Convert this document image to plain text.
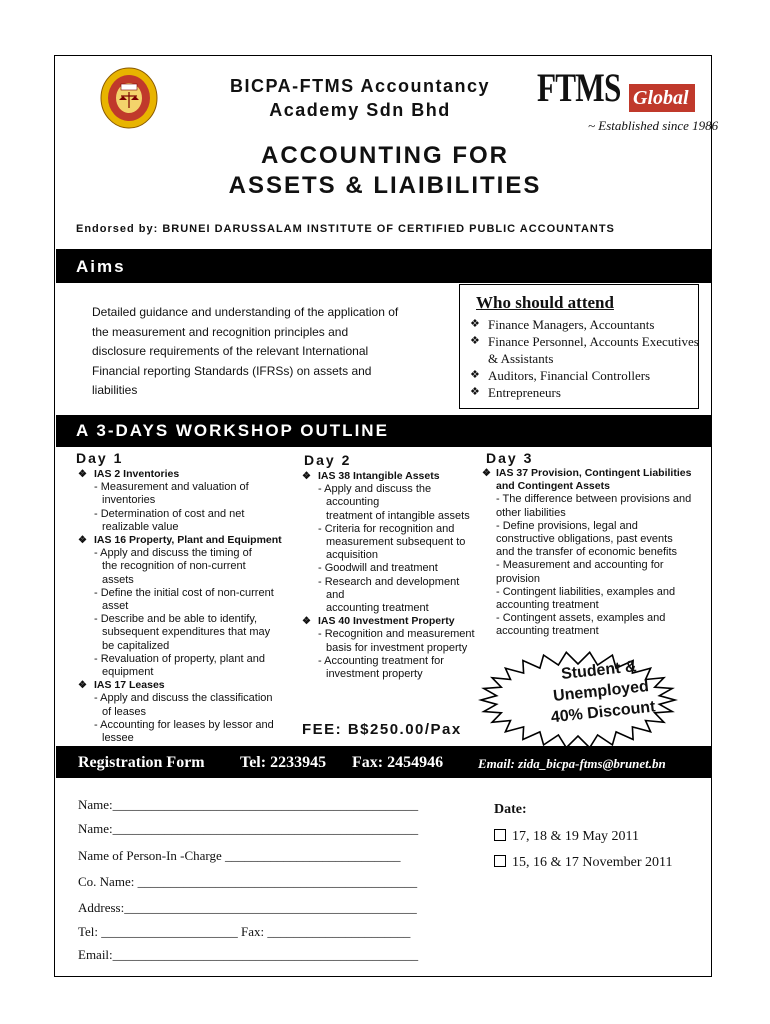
BICPA-FTMS Accountancy
Academy Sdn Bhd	FTMS Global
~ Established since 1986
ACCOUNTING FOR
ASSETS & LIAIBILITIES
Endorsed by: BRUNEI DARUSSALAM INSTITUTE OF CERTIFIED PUBLIC ACCOUNTANTS
Aims
Detailed guidance and understanding of the application of
the measurement and recognition principles and
disclosure requirements of the relevant International
Financial reporting Standards (IFRSs) on assets and
liabilities
Who should attend
❖ Finance Managers, Accountants
❖ Finance Personnel, Accounts Executives & Assistants
❖ Auditors, Financial Controllers
❖ Entrepreneurs
A 3-DAYS WORKSHOP OUTLINE
Day 1	Day 2	Day 3
❖ IAS 2 Inventories
- Measurement and valuation of
inventories
- Determination of cost and net
realizable value
❖ IAS 16 Property, Plant and Equipment
- Apply and discuss the timing of
the recognition of non-current
assets
- Define the initial cost of non-current
asset
- Describe and be able to identify,
subsequent expenditures that may
be capitalized
- Revaluation of property, plant and
equipment
❖ IAS 17 Leases
- Apply and discuss the classification
of leases
- Accounting for leases by lessor and
lessee
❖ IAS 38 Intangible Assets
- Apply and discuss the
accounting
treatment of intangible assets
- Criteria for recognition and
measurement subsequent to
acquisition
- Goodwill and treatment
- Research and development
and
accounting treatment
❖ IAS 40 Investment Property
- Recognition and measurement
basis for investment property
- Accounting treatment for
investment property
❖ IAS 37 Provision, Contingent Liabilities
and Contingent Assets
- The difference between provisions and
other liabilities
- Define provisions, legal and
constructive obligations, past events
and the transfer of economic benefits
- Measurement and accounting for
provision
- Contingent liabilities, examples and
accounting treatment
- Contingent assets, examples and
accounting treatment
Student &
Unemployed
40% Discount
FEE: B$250.00/Pax
Registration Form Tel: 2233945 Fax: 2454946	Email: zida_bicpa-ftms@brunet.bn
Name:_______________________________________________
Name:_______________________________________________
Name of Person-In -Charge ___________________________
Co. Name: ___________________________________________
Address:_____________________________________________
Tel: _____________________ Fax: ______________________
Email:_______________________________________________
Date:
17, 18 & 19 May 2011
15, 16 & 17 November 2011
